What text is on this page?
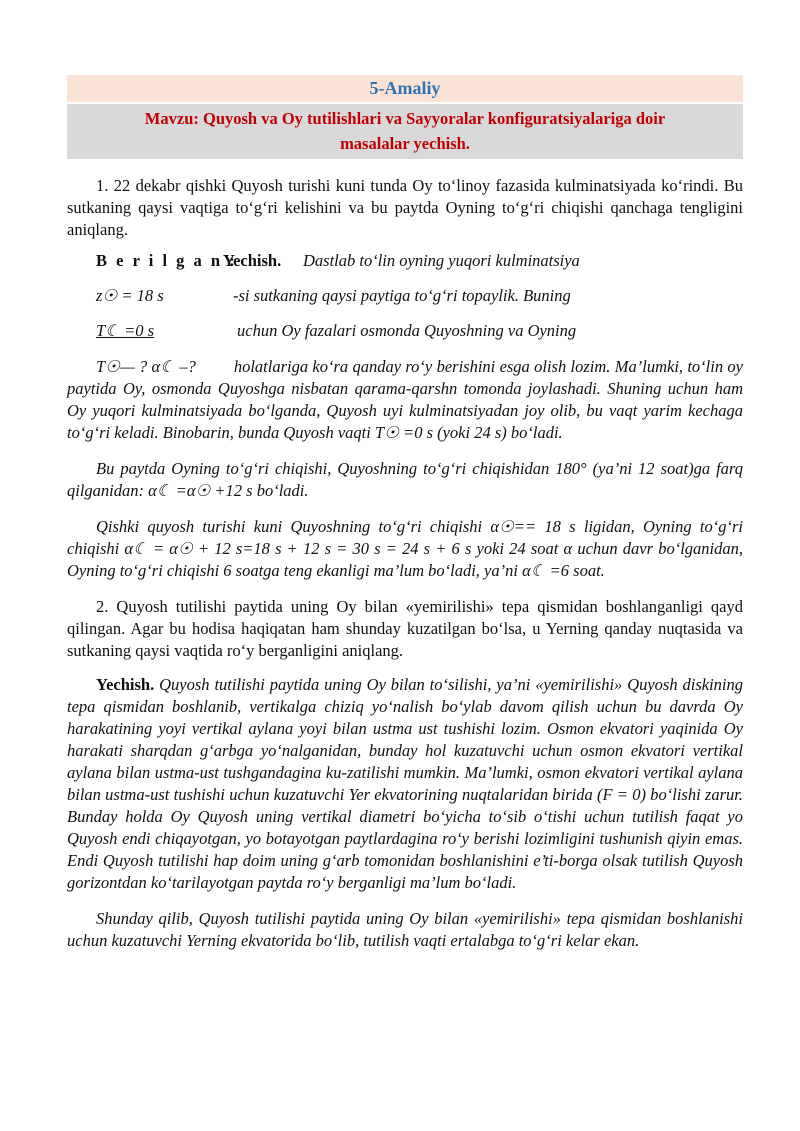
5-Amaliy
Mavzu: Quyosh va Oy tutilishlari va Sayyoralar konfiguratsiyalariga doir
masalalar yechish.

1. 22 dekabr qishki Quyosh turishi kuni tunda Oy to‘linoy fazasida kulminatsiyada ko‘rindi. Bu sutkaning qaysi vaqtiga to‘g‘ri kelishini va bu paytda Oyning to‘g‘ri chiqishi qanchaga tengligini aniqlang.

B e r i l g a n :
Yechish. Dastlab to‘lin oyning yuqori kulminatsiya
z☉ = 18 s	-si sutkaning qaysi paytiga to‘g‘ri topaylik. Buning
T☾ =0 s	uchun Oy fazalari osmonda Quyoshning va Oyning

T☉— ? α☾ –? holatlariga ko‘ra qanday ro‘y berishini esga olish lozim. Ma’lumki, to‘lin oy paytida Oy, osmonda Quyoshga nisbatan qarama-qarshn tomonda joylashadi. Shuning uchun ham Oy yuqori kulminatsiyada bo‘lganda, Quyosh uyi kulminatsiyadan joy olib, bu vaqt yarim kechaga to‘g‘ri keladi. Binobarin, bunda Quyosh vaqti T☉ =0 s (yoki 24 s) bo‘ladi.

Bu paytda Oyning to‘g‘ri chiqishi, Quyoshning to‘g‘ri chiqishidan 180° (ya’ni 12 soat)ga farq qilganidan: α☾ =α☉ +12 s bo‘ladi.

Qishki quyosh turishi kuni Quyoshning to‘g‘ri chiqishi α☉== 18 s ligidan, Oyning to‘g‘ri chiqishi α☾ = α☉ + 12 s=18 s + 12 s = 30 s = 24 s + 6 s yoki 24 soat α uchun davr bo‘lganidan, Oyning to‘g‘ri chiqishi 6 soatga teng ekanligi ma’lum bo‘ladi, ya’ni α☾ =6 soat.

2. Quyosh tutilishi paytida uning Oy bilan «yemirilishi» tepa qismidan boshlanganligi qayd qilingan. Agar bu hodisa haqiqatan ham shunday kuzatilgan bo‘lsa, u Yerning qanday nuqtasida va sutkaning qaysi vaqtida ro‘y berganligini aniqlang.

Yechish. Quyosh tutilishi paytida uning Oy bilan to‘silishi, ya’ni «yemirilishi» Quyosh diskining tepa qismidan boshlanib, vertikalga chiziq yo‘nalish bo‘ylab davom qilish uchun bu davrda Oy harakatining yoyi vertikal aylana yoyi bilan ustma ust tushishi lozim. Osmon ekvatori yaqinida Oy harakati sharqdan g‘arbga yo‘nalganidan, bunday hol kuzatuvchi uchun osmon ekvatori vertikal aylana bilan ustma-ust tushgandagina ku-zatilishi mumkin. Ma’lumki, osmon ekvatori vertikal aylana bilan ustma-ust tushishi uchun kuzatuvchi Yer ekvatorining nuqtalaridan birida (F = 0) bo‘lishi zarur. Bunday holda Oy Quyosh uning vertikal diametri bo‘yicha to‘sib o‘tishi uchun tutilish faqat yo Quyosh endi chiqayotgan, yo botayotgan paytlardagina ro‘y berishi lozimligini tushunish qiyin emas. Endi Quyosh tutilishi hap doim uning g‘arb tomonidan boshlanishini e’ti-borga olsak tutilish Quyosh gorizontdan ko‘tarilayotgan paytda ro‘y berganligi ma’lum bo‘ladi.

Shunday qilib, Quyosh tutilishi paytida uning Oy bilan «yemirilishi» tepa qismidan boshlanishi uchun kuzatuvchi Yerning ekvatorida bo‘lib, tutilish vaqti ertalabga to‘g‘ri kelar ekan.
